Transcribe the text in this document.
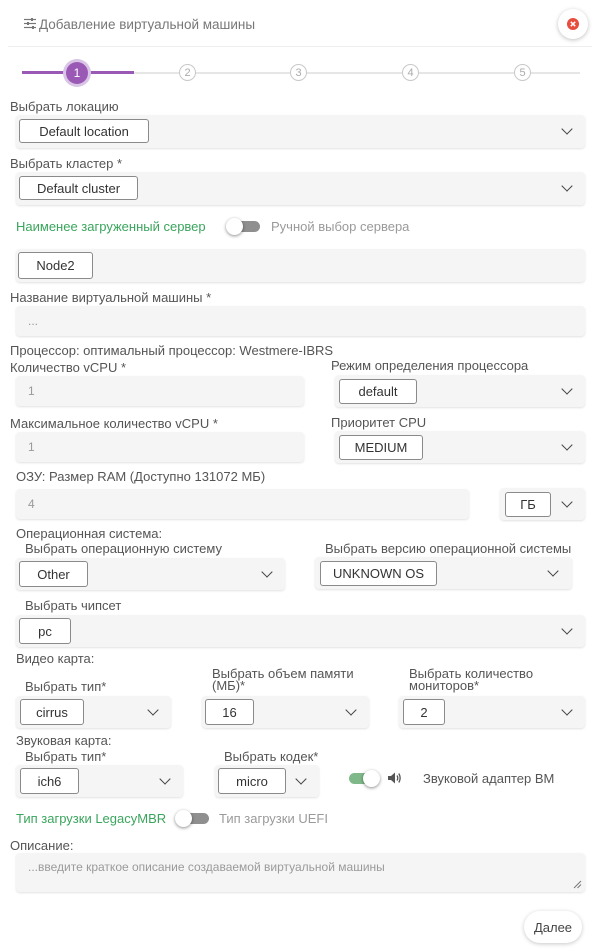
Добавление виртуальной машины
1	2	3	4	5
Выбрать локацию
Default location
Выбрать кластер *
Default cluster
Наименее загруженный сервер	Ручной выбор сервера
Node2
Название виртуальной машины *
...
Процессор: оптимальный процессор: Westmere-IBRS
Количество vCPU *
1
Режим определения процессора
default
Максимальное количество vCPU *
1
Приоритет CPU
MEDIUM
ОЗУ: Размер RAM (Доступно 131072 МБ)
4	ГБ
Операционная система:
Выбрать операционную систему
Other
Выбрать версию операционной системы
UNKNOWN OS
Выбрать чипсет
pc
Видео карта:
Выбрать тип*
cirrus
Выбрать объем памяти (МБ)*
16
Выбрать количество мониторов*
2
Звуковая карта:
Выбрать тип*
ich6
Выбрать кодек*
micro	Звуковой адаптер ВМ
Тип загрузки LegacyMBR	Тип загрузки UEFI
Описание:
...введите краткое описание создаваемой виртуальной машины
Далее
